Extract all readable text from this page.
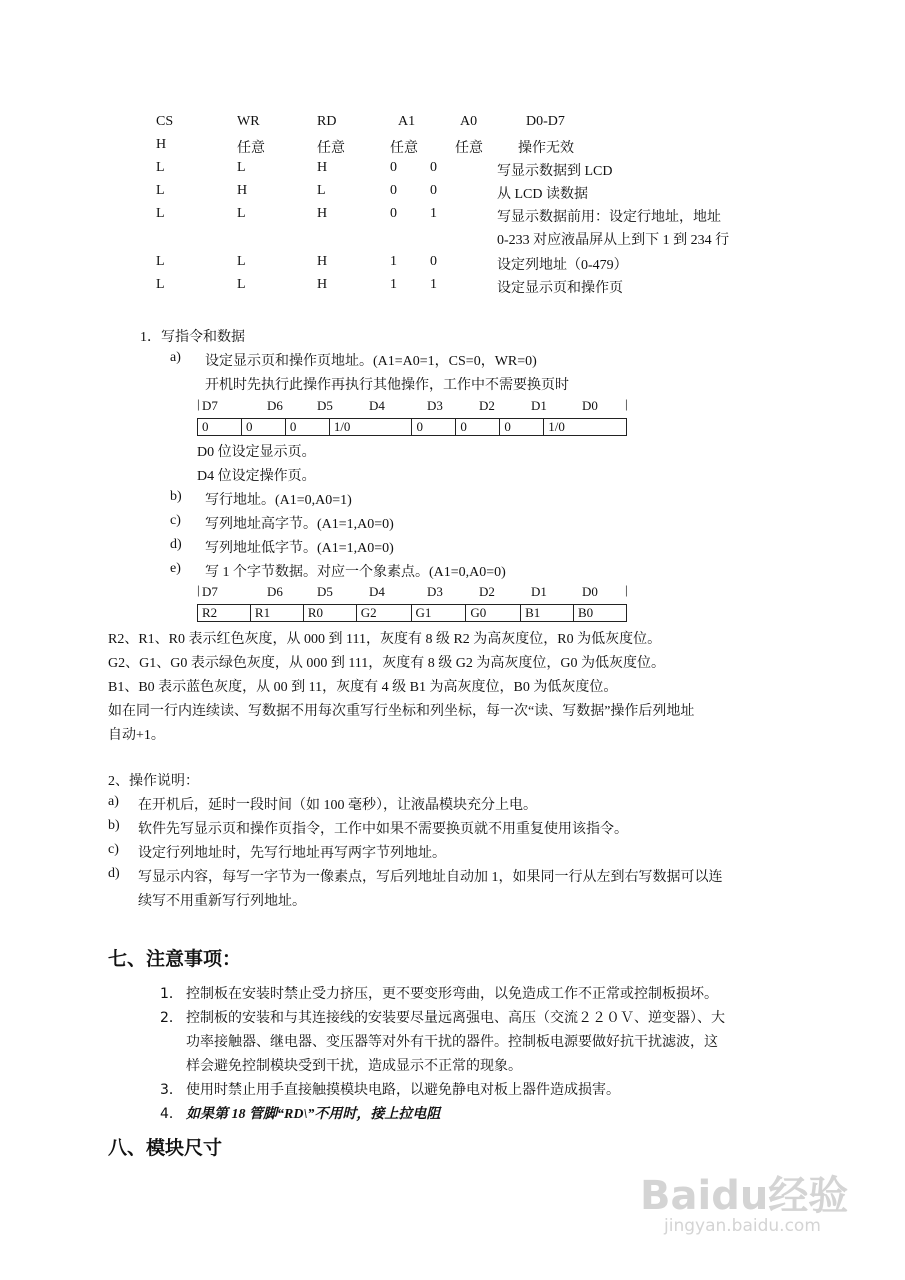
CS	WR	RD	A1	A0	D0-D7
H	任意	任意	任意	任意	操作无效
L	L	H	0 0	写显示数据到 LCD
L	H	L	0 0	从 LCD 读数据
L	L	H	0 1	写显示数据前用：设定行地址，地址
0-233 对应液晶屏从上到下 1 到 234 行
L	L	H	1 0	设定列地址（0-479）
L	L	H	1 1	设定显示页和操作页
1．写指令和数据
a) 设定显示页和操作页地址。(A1=A0=1，CS=0，WR=0)
开机时先执行此操作再执行其他操作，工作中不需要换页时
| D7	D6	D5	D4	D3	D2	D1	D0 |
0	0	0	1/0	0	0	0	1/0
D0 位设定显示页。
D4 位设定操作页。
b) 写行地址。(A1=0,A0=1)
c) 写列地址高字节。(A1=1,A0=0)
d) 写列地址低字节。(A1=1,A0=0)
e) 写 1 个字节数据。对应一个象素点。(A1=0,A0=0)
| D7	D6	D5	D4	D3	D2	D1	D0 |
R2	R1	R0	G2	G1	G0	B1	B0
R2、R1、R0 表示红色灰度，从 000 到 111，灰度有 8 级 R2 为高灰度位，R0 为低灰度位。
G2、G1、G0 表示绿色灰度，从 000 到 111，灰度有 8 级 G2 为高灰度位，G0 为低灰度位。
B1、B0 表示蓝色灰度，从 00 到 11，灰度有 4 级 B1 为高灰度位，B0 为低灰度位。
如在同一行内连续读、写数据不用每次重写行坐标和列坐标，每一次“读、写数据”操作后列地址
自动+1。
2、操作说明：
a) 在开机后，延时一段时间（如 100 毫秒），让液晶模块充分上电。
b) 软件先写显示页和操作页指令，工作中如果不需要换页就不用重复使用该指令。
c) 设定行列地址时，先写行地址再写两字节列地址。
d) 写显示内容，每写一字节为一像素点，写后列地址自动加 1，如果同一行从左到右写数据可以连
续写不用重新写行列地址。
七、注意事项：
1． 控制板在安装时禁止受力挤压，更不要变形弯曲，以免造成工作不正常或控制板损坏。
2． 控制板的安装和与其连接线的安装要尽量远离强电、高压（交流２２０Ｖ、逆变器）、大
功率接触器、继电器、变压器等对外有干扰的器件。控制板电源要做好抗干扰滤波，这
样会避免控制模块受到干扰，造成显示不正常的现象。
3． 使用时禁止用手直接触摸模块电路，以避免静电对板上器件造成损害。
4． 如果第 18 管脚“RD\”不用时，接上拉电阻
八、模块尺寸
Baidu经验
jingyan.baidu.com
